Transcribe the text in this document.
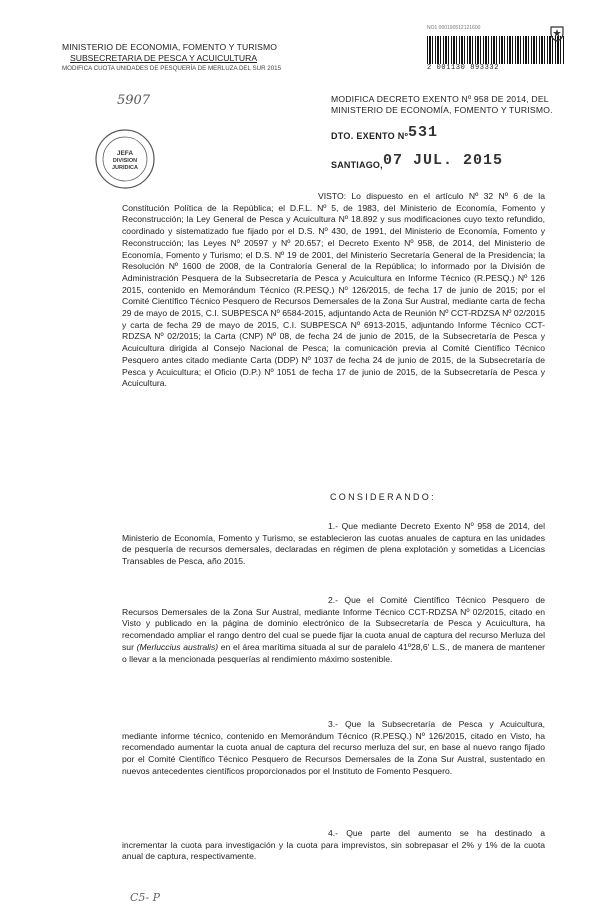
MINISTERIO DE ECONOMIA, FOMENTO Y TURISMO
SUBSECRETARIA DE PESCA Y ACUICULTURA
MODIFICA CUOTA UNIDADES DE PESQUERÍA DE MERLUZA DEL SUR 2015
NO1 000190512121600
2 001130 893332
5907
JEFA
DIVISION
JURIDICA
MODIFICA DECRETO EXENTO Nº 958 DE 2014, DEL MINISTERIO DE ECONOMÍA, FOMENTO Y TURISMO.
DTO. EXENTO Nº 531
SANTIAGO, 07 JUL. 2015
VISTO: Lo dispuesto en el artículo Nº 32 Nº 6 de la Constitución Política de la República; el D.F.L. Nº 5, de 1983, del Ministerio de Economía, Fomento y Reconstrucción; la Ley General de Pesca y Acuicultura Nº 18.892 y sus modificaciones cuyo texto refundido, coordinado y sistematizado fue fijado por el D.S. Nº 430, de 1991, del Ministerio de Economía, Fomento y Reconstrucción; las Leyes Nº 20597 y Nº 20.657; el Decreto Exento Nº 958, de 2014, del Ministerio de Economía, Fomento y Turismo; el D.S. Nº 19 de 2001, del Ministerio Secretaría General de la Presidencia; la Resolución Nº 1600 de 2008, de la Contraloría General de la República; lo informado por la División de Administración Pesquera de la Subsecretaría de Pesca y Acuicultura en Informe Técnico (R.PESQ.) Nº 126 2015, contenido en Memorándum Técnico (R.PESQ.) Nº 126/2015, de fecha 17 de junio de 2015; por el Comité Científico Técnico Pesquero de Recursos Demersales de la Zona Sur Austral, mediante carta de fecha 29 de mayo de 2015, C.I. SUBPESCA Nº 6584-2015, adjuntando Acta de Reunión Nº CCT-RDZSA Nº 02/2015 y carta de fecha 29 de mayo de 2015, C.I. SUBPESCA Nº 6913-2015, adjuntando Informe Técnico CCT-RDZSA Nº 02/2015; la Carta (CNP) Nº 08, de fecha 24 de junio de 2015, de la Subsecretaría de Pesca y Acuicultura dirigida al Consejo Nacional de Pesca; la comunicación previa al Comité Científico Técnico Pesquero antes citado mediante Carta (DDP) Nº 1037 de fecha 24 de junio de 2015, de la Subsecretaría de Pesca y Acuicultura; el Oficio (D.P.) Nº 1051 de fecha 17 de junio de 2015, de la Subsecretaría de Pesca y Acuicultura.
CONSIDERANDO:
1.- Que mediante Decreto Exento Nº 958 de 2014, del Ministerio de Economía, Fomento y Turismo, se establecieron las cuotas anuales de captura en las unidades de pesquería de recursos demersales, declaradas en régimen de plena explotación y sometidas a Licencias Transables de Pesca, año 2015.
2.- Que el Comité Científico Técnico Pesquero de Recursos Demersales de la Zona Sur Austral, mediante Informe Técnico CCT-RDZSA Nº 02/2015, citado en Visto y publicado en la página de dominio electrónico de la Subsecretaría de Pesca y Acuicultura, ha recomendado ampliar el rango dentro del cual se puede fijar la cuota anual de captura del recurso Merluza del sur (Merluccius australis) en el área marítima situada al sur de paralelo 41º28,6' L.S., de manera de mantener o llevar a la mencionada pesquerías al rendimiento máximo sostenible.
3.- Que la Subsecretaría de Pesca y Acuicultura, mediante informe técnico, contenido en Memorándum Técnico (R.PESQ.) Nº 126/2015, citado en Visto, ha recomendado aumentar la cuota anual de captura del recurso merluza del sur, en base al nuevo rango fijado por el Comité Científico Técnico Pesquero de Recursos Demersales de la Zona Sur Austral, sustentado en nuevos antecedentes científicos proporcionados por el Instituto de Fomento Pesquero.
4.- Que parte del aumento se ha destinado a incrementar la cuota para investigación y la cuota para imprevistos, sin sobrepasar el 2% y 1% de la cuota anual de captura, respectivamente.
C5- P
